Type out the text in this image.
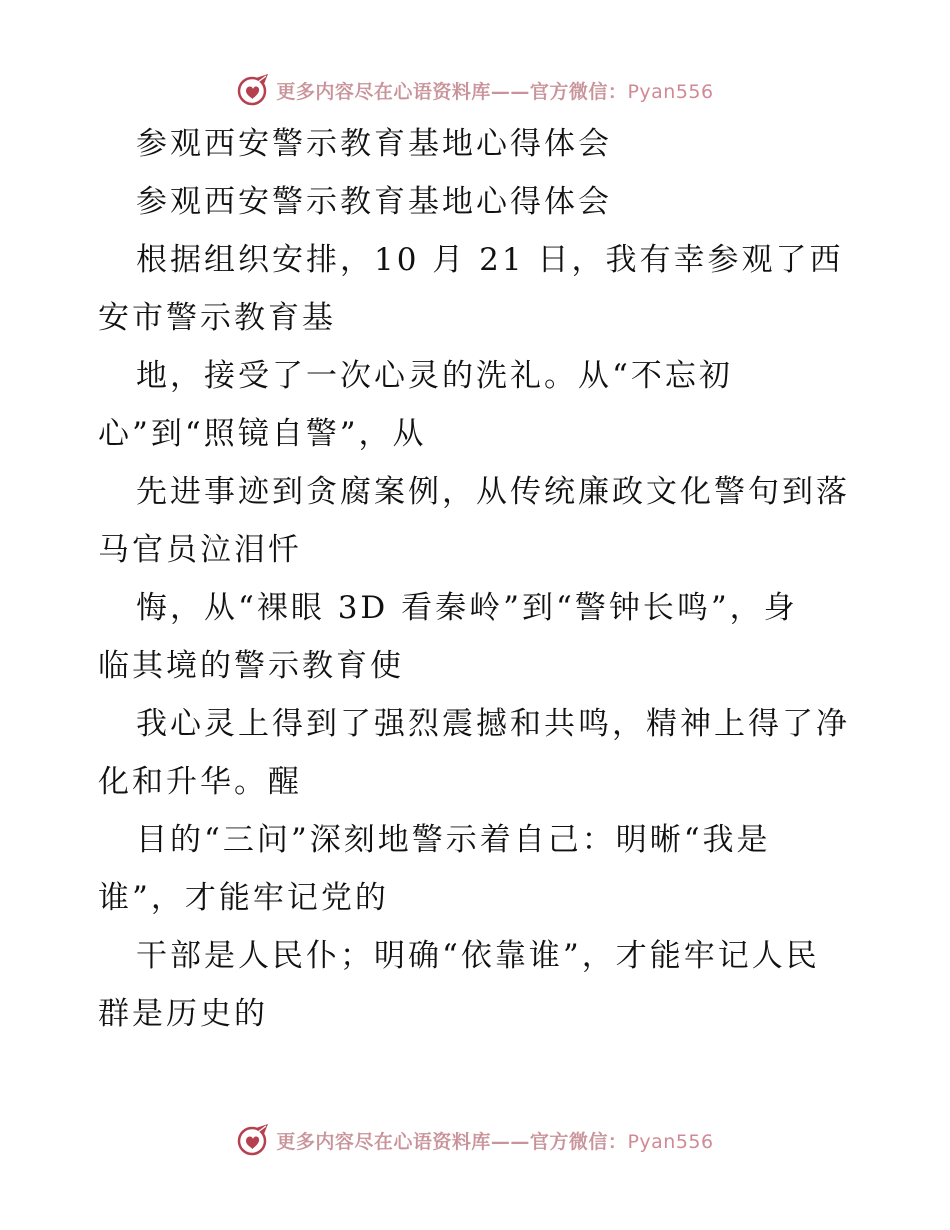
更多内容尽在心语资料库——官方微信：Pyan556
参观西安警示教育基地心得体会
参观西安警示教育基地心得体会
根据组织安排，10 月 21 日，我有幸参观了西
安市警示教育基
地，接受了一次心灵的洗礼。从“不忘初
心”到“照镜自警”，从
先进事迹到贪腐案例，从传统廉政文化警句到落
马官员泣泪忏
悔，从“裸眼 3D 看秦岭”到“警钟长鸣”，身
临其境的警示教育使
我心灵上得到了强烈震撼和共鸣，精神上得了净
化和升华。醒
目的“三问”深刻地警示着自己：明晰“我是
谁”，才能牢记党的
干部是人民仆；明确“依靠谁”，才能牢记人民
群是历史的
更多内容尽在心语资料库——官方微信：Pyan556
